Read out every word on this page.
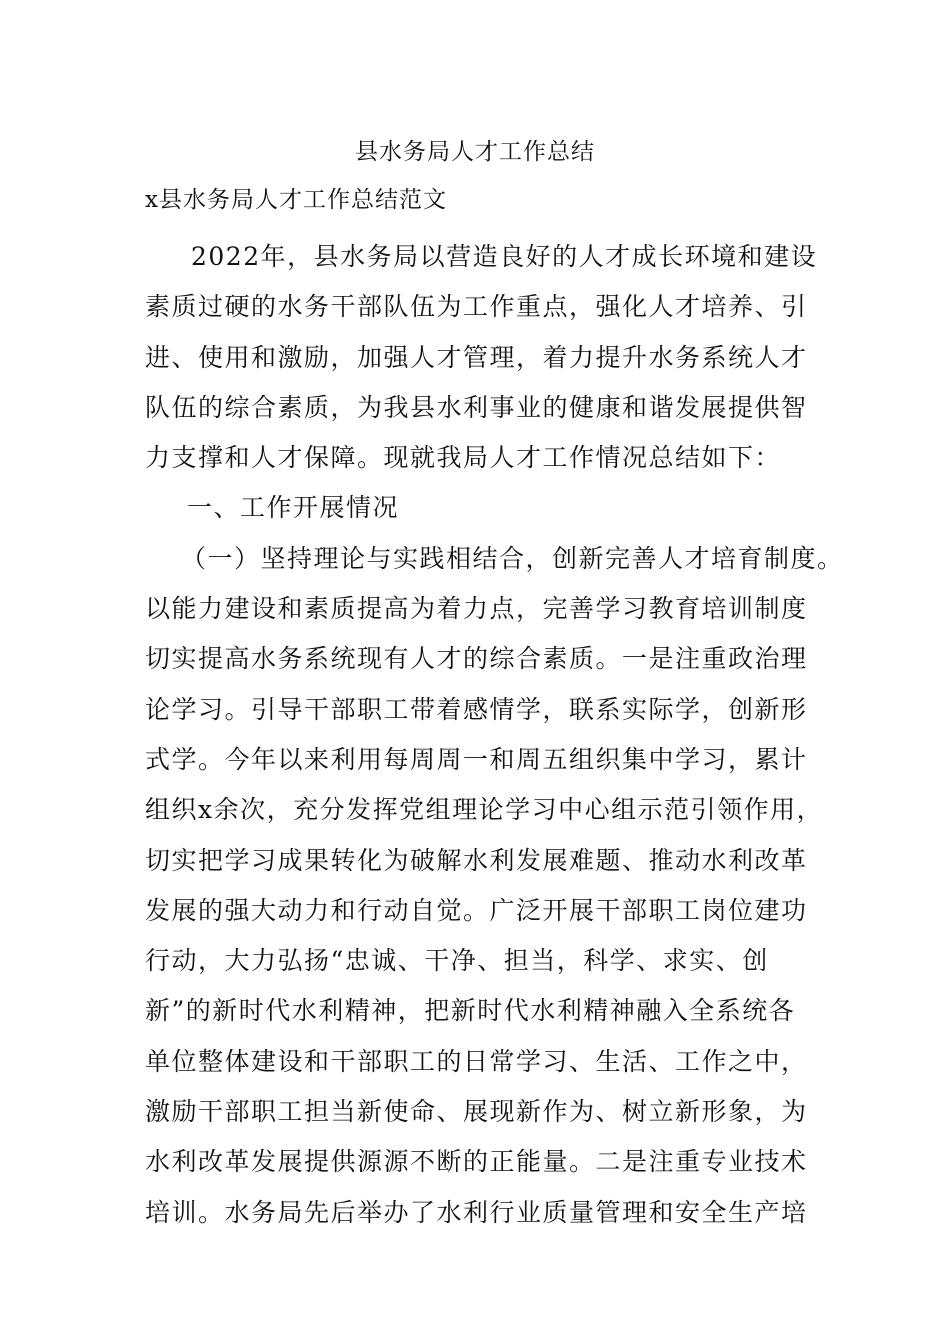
县水务局人才工作总结
x县水务局人才工作总结范文
2022年，县水务局以营造良好的人才成长环境和建设
素质过硬的水务干部队伍为工作重点，强化人才培养、引
进、使用和激励，加强人才管理，着力提升水务系统人才
队伍的综合素质，为我县水利事业的健康和谐发展提供智
力支撑和人才保障。现就我局人才工作情况总结如下：
一、工作开展情况
（一）坚持理论与实践相结合，创新完善人才培育制度。
以能力建设和素质提高为着力点，完善学习教育培训制度
切实提高水务系统现有人才的综合素质。一是注重政治理
论学习。引导干部职工带着感情学，联系实际学，创新形
式学。今年以来利用每周周一和周五组织集中学习，累计
组织x余次，充分发挥党组理论学习中心组示范引领作用，
切实把学习成果转化为破解水利发展难题、推动水利改革
发展的强大动力和行动自觉。广泛开展干部职工岗位建功
行动，大力弘扬“忠诚、干净、担当，科学、求实、创
新”的新时代水利精神，把新时代水利精神融入全系统各
单位整体建设和干部职工的日常学习、生活、工作之中，
激励干部职工担当新使命、展现新作为、树立新形象，为
水利改革发展提供源源不断的正能量。二是注重专业技术
培训。水务局先后举办了水利行业质量管理和安全生产培
